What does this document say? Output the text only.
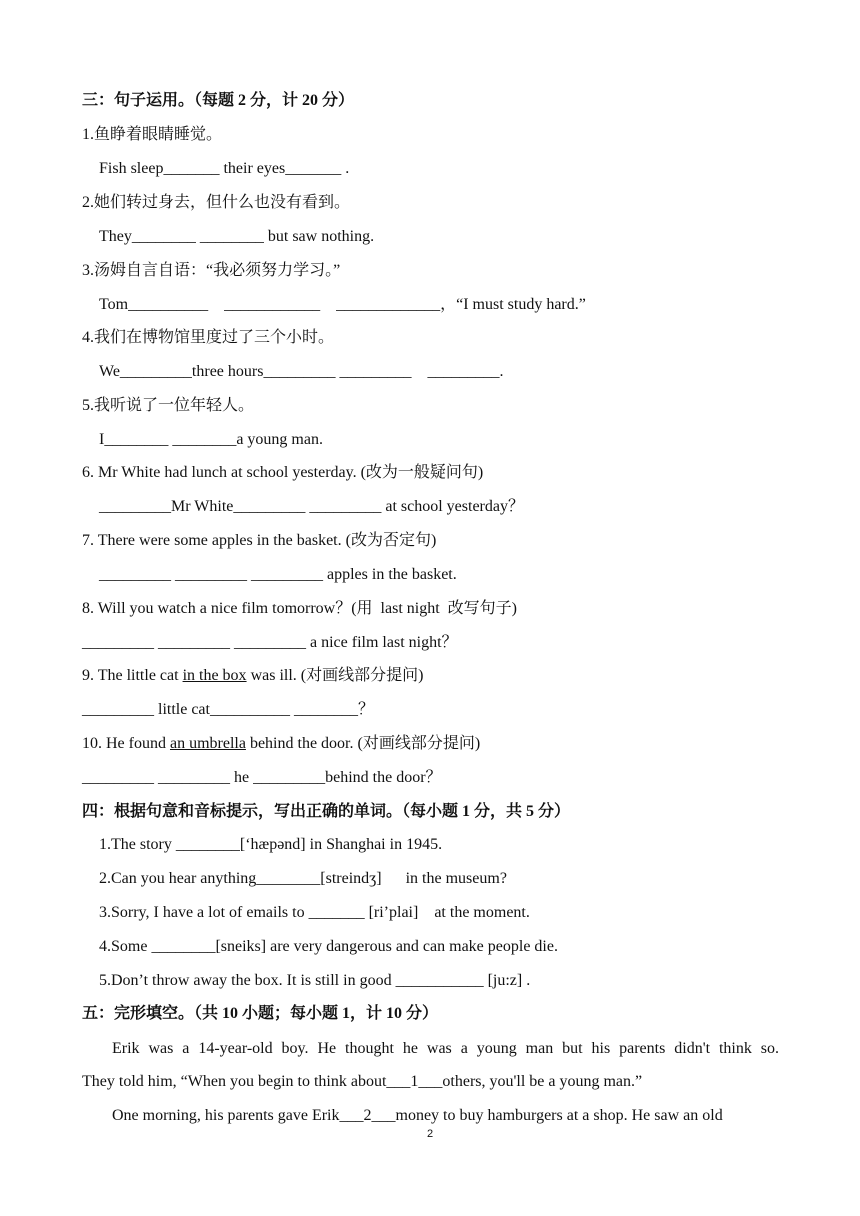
三：句子运用。（每题 2 分，计 20 分）
1.鱼睁着眼睛睡觉。
Fish sleep_______ their eyes_______ .
2.她们转过身去，但什么也没有看到。
They________ ________ but saw nothing.
3.汤姆自言自语：“我必须努力学习。”
Tom__________    ____________    _____________，“I must study hard.”
4.我们在博物馆里度过了三个小时。
We_________three hours_________ _________    _________.
5.我听说了一位年轻人。
I________ ________a young man.
6. Mr White had lunch at school yesterday. (改为一般疑问句)
_________Mr White_________ _________ at school yesterday？
7. There were some apples in the basket. (改为否定句)
_________ _________ _________ apples in the basket.
8. Will you watch a nice film tomorrow？(用  last night  改写句子)
_________ _________ _________ a nice film last night？
9. The little cat in the box was ill. (对画线部分提问)
_________ little cat__________ ________？
10. He found an umbrella behind the door. (对画线部分提问)
_________ _________ he _________behind the door？
四：根据句意和音标提示，写出正确的单词。（每小题 1 分，共 5 分）
1.The story ________[‘hæpənd] in Shanghai in 1945.
2.Can you hear anything________[streindʒ]      in the museum?
3.Sorry, I have a lot of emails to _______ [ri’plai]    at the moment.
4.Some ________[sneiks] are very dangerous and can make people die.
5.Don’t throw away the box. It is still in good ___________ [ju:z] .
五：完形填空。（共 10 小题；每小题 1，计 10 分）
Erik was a 14-year-old boy. He thought he was a young man but his parents didn't think so.
They told him, “When you begin to think about___1___others, you'll be a young man.”
One morning, his parents gave Erik___2___money to buy hamburgers at a shop. He saw an old
2
